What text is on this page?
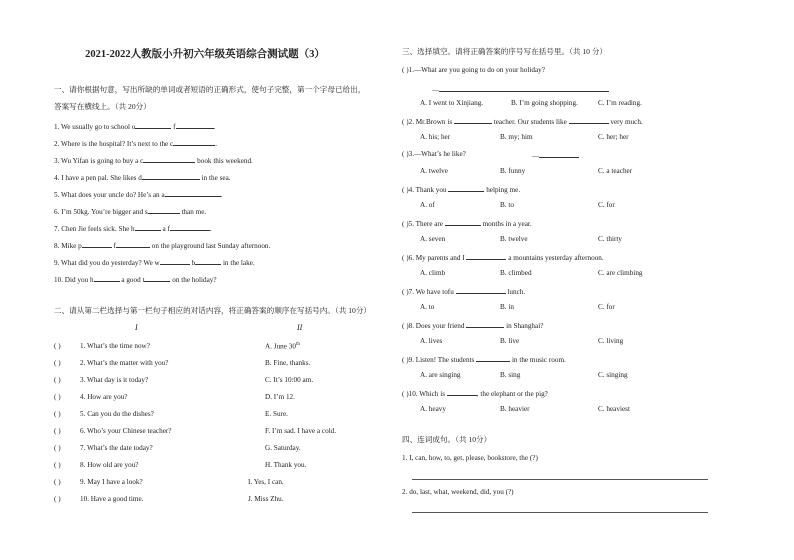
2021-2022人教版小升初六年级英语综合测试题（3）
一、请你根据句意，写出所缺的单词或者短语的正确形式，使句子完整，第一个字母已给出，
答案写在横线上。（共 20分）
1. We usually go to school o	f	.
2. Where is the hospital? It’s next to the c	.
3. Wu Yifan is going to buy a c	book this weekend.
4. I have a pen pal. She likes d	in the sea.
5. What does your uncle do? He’s an a	.
6. I’m 50kg. You’re bigger and s	than me.
7. Chen Jie feels sick. She h	a f	.
8. Mike p	f	on the playground last Sunday afternoon.
9. What did you do yesterday? We w	b	in the lake.
10. Did you h	a good t	on the holiday?
二、请从第二栏选择与第一栏句子相应的对话内容，将正确答案的顺序在写括号内。（共 10分）
I	II
( )	1. What’s the time now?	A. June 30th
( )	2. What’s the matter with you?	B. Fine, thanks.
( )	3. What day is it today?	C. It’s 10:00 am.
( )	4. How are you?	D. I’m 12.
( )	5. Can you do the dishes?	E. Sure.
( )	6. Who’s your Chinese teacher?	F. I’m sad. I have a cold.
( )	7. What’s the date today?	G. Saturday.
( )	8. How old are you?	H. Thank you.
( )	9. May I have a look?	I. Yes, I can.
( )	10. Have a good time.	J. Miss Zhu.
三、选择填空。请将正确答案的序号写在括号里。（共 10 分）
( )1.—What are you going to do on your holiday?
—
A. I went to Xinjiang.	B. I’m going shopping.	C. I’m reading.
( )2. Mr.Brown is	teacher. Our students like	very much.
A. his; her	B. my; him	C. her; her
( )3.—What’s he like?	—
A. twelve	B. funny	C. a teacher
( )4. Thank you	helping me.
A. of	B. to	C. for
( )5. There are	months in a year.
A. seven	B. twelve	C. thirty
( )6. My parents and I	a mountains yesterday afternoon.
A. climb	B. climbed	C. are climbing
( )7. We have tofu	lunch.
A. to	B. in	C. for
( )8. Does your friend	in Shanghai?
A. lives	B. live	C. living
( )9. Listen! The students	in the music room.
A. are singing	B. sing	C. singing
( )10. Which is	, the elephant or the pig?
A. heavy	B. heavier	C. heaviest
四、连词成句。（共 10分）
1. I, can, how, to, get, please, bookstore, the (?)
2. do, last, what, weekend, did, you (?)
